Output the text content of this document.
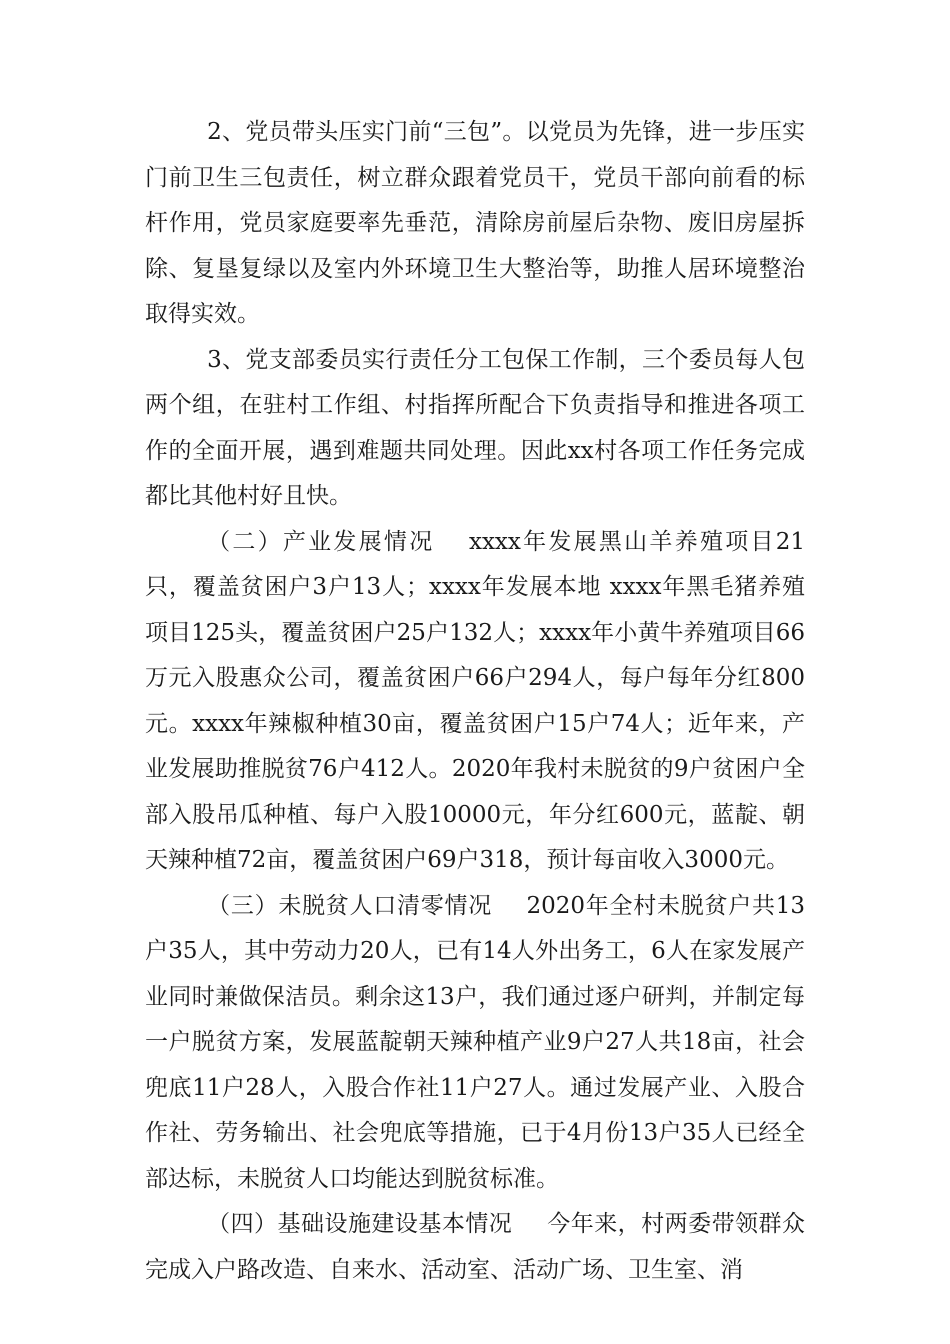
2、党员带头压实门前“三包”。以党员为先锋，进一步压实门前卫生三包责任，树立群众跟着党员干，党员干部向前看的标杆作用，党员家庭要率先垂范，清除房前屋后杂物、废旧房屋拆除、复垦复绿以及室内外环境卫生大整治等，助推人居环境整治取得实效。

3、党支部委员实行责任分工包保工作制，三个委员每人包两个组，在驻村工作组、村指挥所配合下负责指导和推进各项工作的全面开展，遇到难题共同处理。因此xx村各项工作任务完成都比其他村好且快。

（二）产业发展情况 xxxx年发展黑山羊养殖项目21只，覆盖贫困户3户13人；xxxx年发展本地 xxxx年黑毛猪养殖项目125头，覆盖贫困户25户132人；xxxx年小黄牛养殖项目66万元入股惠众公司，覆盖贫困户66户294人，每户每年分红800元。xxxx年辣椒种植30亩，覆盖贫困户15户74人；近年来，产业发展助推脱贫76户412人。2020年我村未脱贫的9户贫困户全部入股吊瓜种植、每户入股10000元，年分红600元，蓝靛、朝天辣种植72亩，覆盖贫困户69户318，预计每亩收入3000元。

（三）未脱贫人口清零情况 2020年全村未脱贫户共13户35人，其中劳动力20人，已有14人外出务工，6人在家发展产业同时兼做保洁员。剩余这13户，我们通过逐户研判，并制定每一户脱贫方案，发展蓝靛朝天辣种植产业9户27人共18亩，社会兜底11户28人，入股合作社11户27人。通过发展产业、入股合作社、劳务输出、社会兜底等措施，已于4月份13户35人已经全部达标，未脱贫人口均能达到脱贫标准。

（四）基础设施建设基本情况 今年来，村两委带领群众完成入户路改造、自来水、活动室、活动广场、卫生室、消
